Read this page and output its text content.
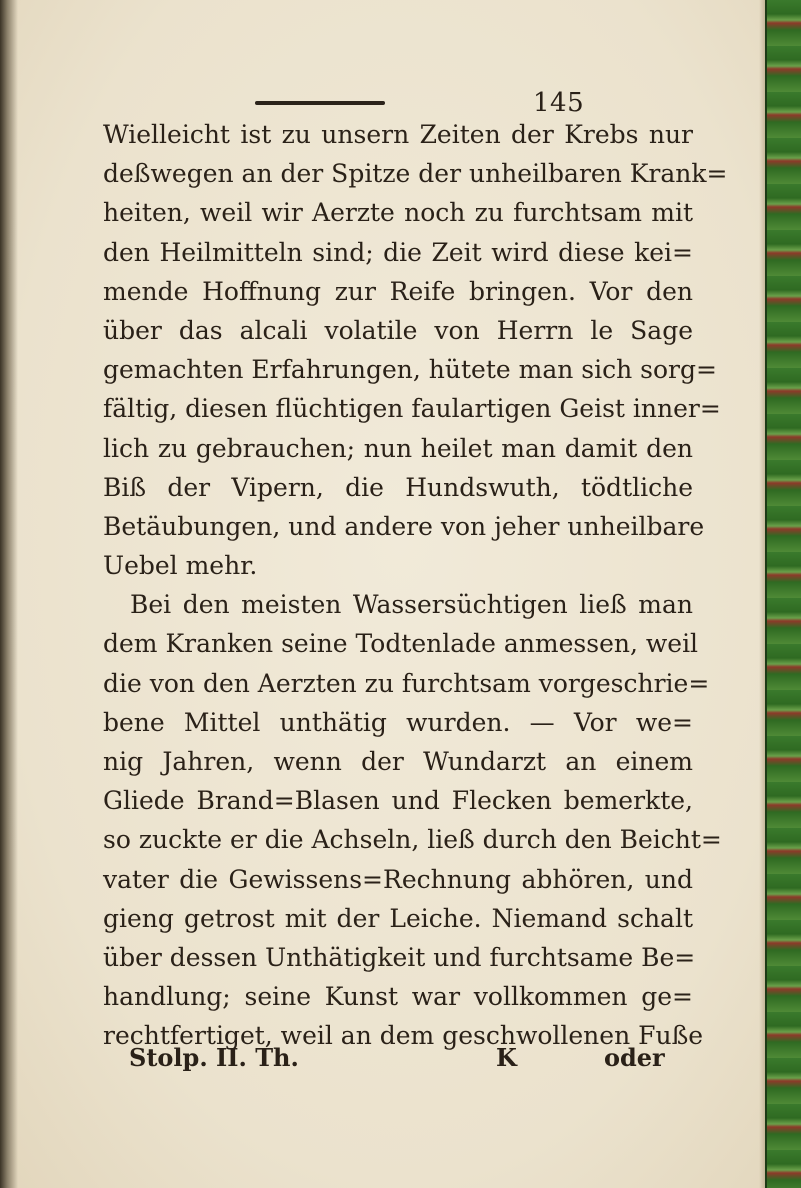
145
Wielleicht ist zu unsern Zeiten der Krebs nur
deßwegen an der Spitze der unheilbaren Krank=
heiten, weil wir Aerzte noch zu furchtsam mit
den Heilmitteln sind; die Zeit wird diese kei=
mende Hoffnung zur Reife bringen. Vor den
über das alcali volatile von Herrn le Sage
gemachten Erfahrungen, hütete man sich sorg=
fältig, diesen flüchtigen faulartigen Geist inner=
lich zu gebrauchen; nun heilet man damit den
Biß der Vipern, die Hundswuth, tödtliche
Betäubungen, und andere von jeher unheilbare
Uebel mehr.
Bei den meisten Wassersüchtigen ließ man
dem Kranken seine Todtenlade anmessen, weil
die von den Aerzten zu furchtsam vorgeschrie=
bene Mittel unthätig wurden. — Vor we=
nig Jahren, wenn der Wundarzt an einem
Gliede Brand=Blasen und Flecken bemerkte,
so zuckte er die Achseln, ließ durch den Beicht=
vater die Gewissens=Rechnung abhören, und
gieng getrost mit der Leiche. Niemand schalt
über dessen Unthätigkeit und furchtsame Be=
handlung; seine Kunst war vollkommen ge=
rechtfertiget, weil an dem geschwollenen Fuße
Stolp. II. Th.	K	oder
